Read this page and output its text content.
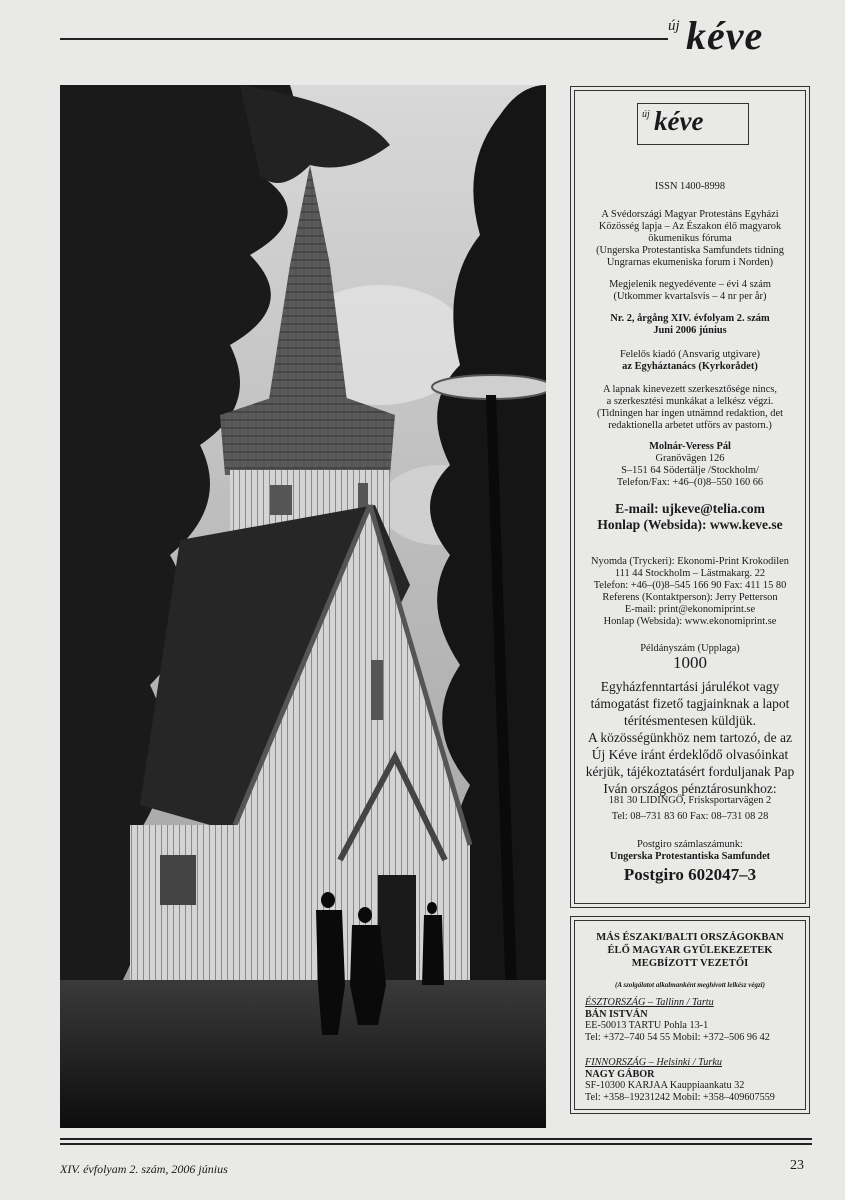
új kéve
új kéve
ISSN 1400-8998
A Svédországi Magyar Protestáns Egyházi
Közösség lapja – Az Északon élő magyarok
ökumenikus fóruma
(Ungerska Protestantiska Samfundets tidning
Ungrarnas ekumeniska forum i Norden)
Megjelenik negyedévente – évi 4 szám
(Utkommer kvartalsvis – 4 nr per år)
Nr. 2, årgång XIV. évfolyam 2. szám
Juni 2006 június
Felelős kiadó (Ansvarig utgivare)
az Egyháztanács (Kyrkorådet)
A lapnak kinevezett szerkesztősége nincs,
a szerkesztési munkákat a lelkész végzi.
(Tidningen har ingen utnämnd redaktion, det
redaktionella arbetet utförs av pastorn.)
Molnár-Veress Pál
Granövägen 126
S–151 64 Södertälje /Stockholm/
Telefon/Fax: +46–(0)8–550 160 66
E-mail: ujkeve@telia.com
Honlap (Websida): www.keve.se
Nyomda (Tryckeri): Ekonomi-Print Krokodilen
111 44 Stockholm – Lästmakarg. 22
Telefon: +46–(0)8–545 166 90 Fax: 411 15 80
Referens (Kontaktperson): Jerry Petterson
E-mail: print@ekonomiprint.se
Honlap (Websida): www.ekonomiprint.se
Példányszám (Upplaga)
1000
Egyházfenntartási járulékot vagy
támogatást fizető tagjainknak a lapot
térítésmentesen küldjük.
A közösségünkhöz nem tartozó, de az
Új Kéve iránt érdeklődő olvasóinkat
kérjük, tájékoztatásért forduljanak Pap
Iván országos pénztárosunkhoz:
181 30 LIDINGÖ, Frisksportarvägen 2
Tel: 08–731 83 60 Fax: 08–731 08 28
Postgiro számlaszámunk:
Ungerska Protestantiska Samfundet
Postgiro 602047–3
MÁS ÉSZAKI/BALTI ORSZÁGOKBAN
ÉLŐ MAGYAR GYÜLEKEZETEK
MEGBÍZOTT VEZETŐI
(A szolgálatot alkalmanként meghívott lelkész végzi)
ÉSZTORSZÁG – Tallinn / Tartu
BÁN ISTVÁN
EE-50013 TARTU Pohla 13-1
Tel: +372–740 54 55 Mobil: +372–506 96 42
FINNORSZÁG – Helsinki / Turku
NAGY GÁBOR
SF-10300 KARJAA Kauppiaankatu 32
Tel: +358–19231242 Mobil: +358–409607559
XIV. évfolyam 2. szám, 2006 június	23
